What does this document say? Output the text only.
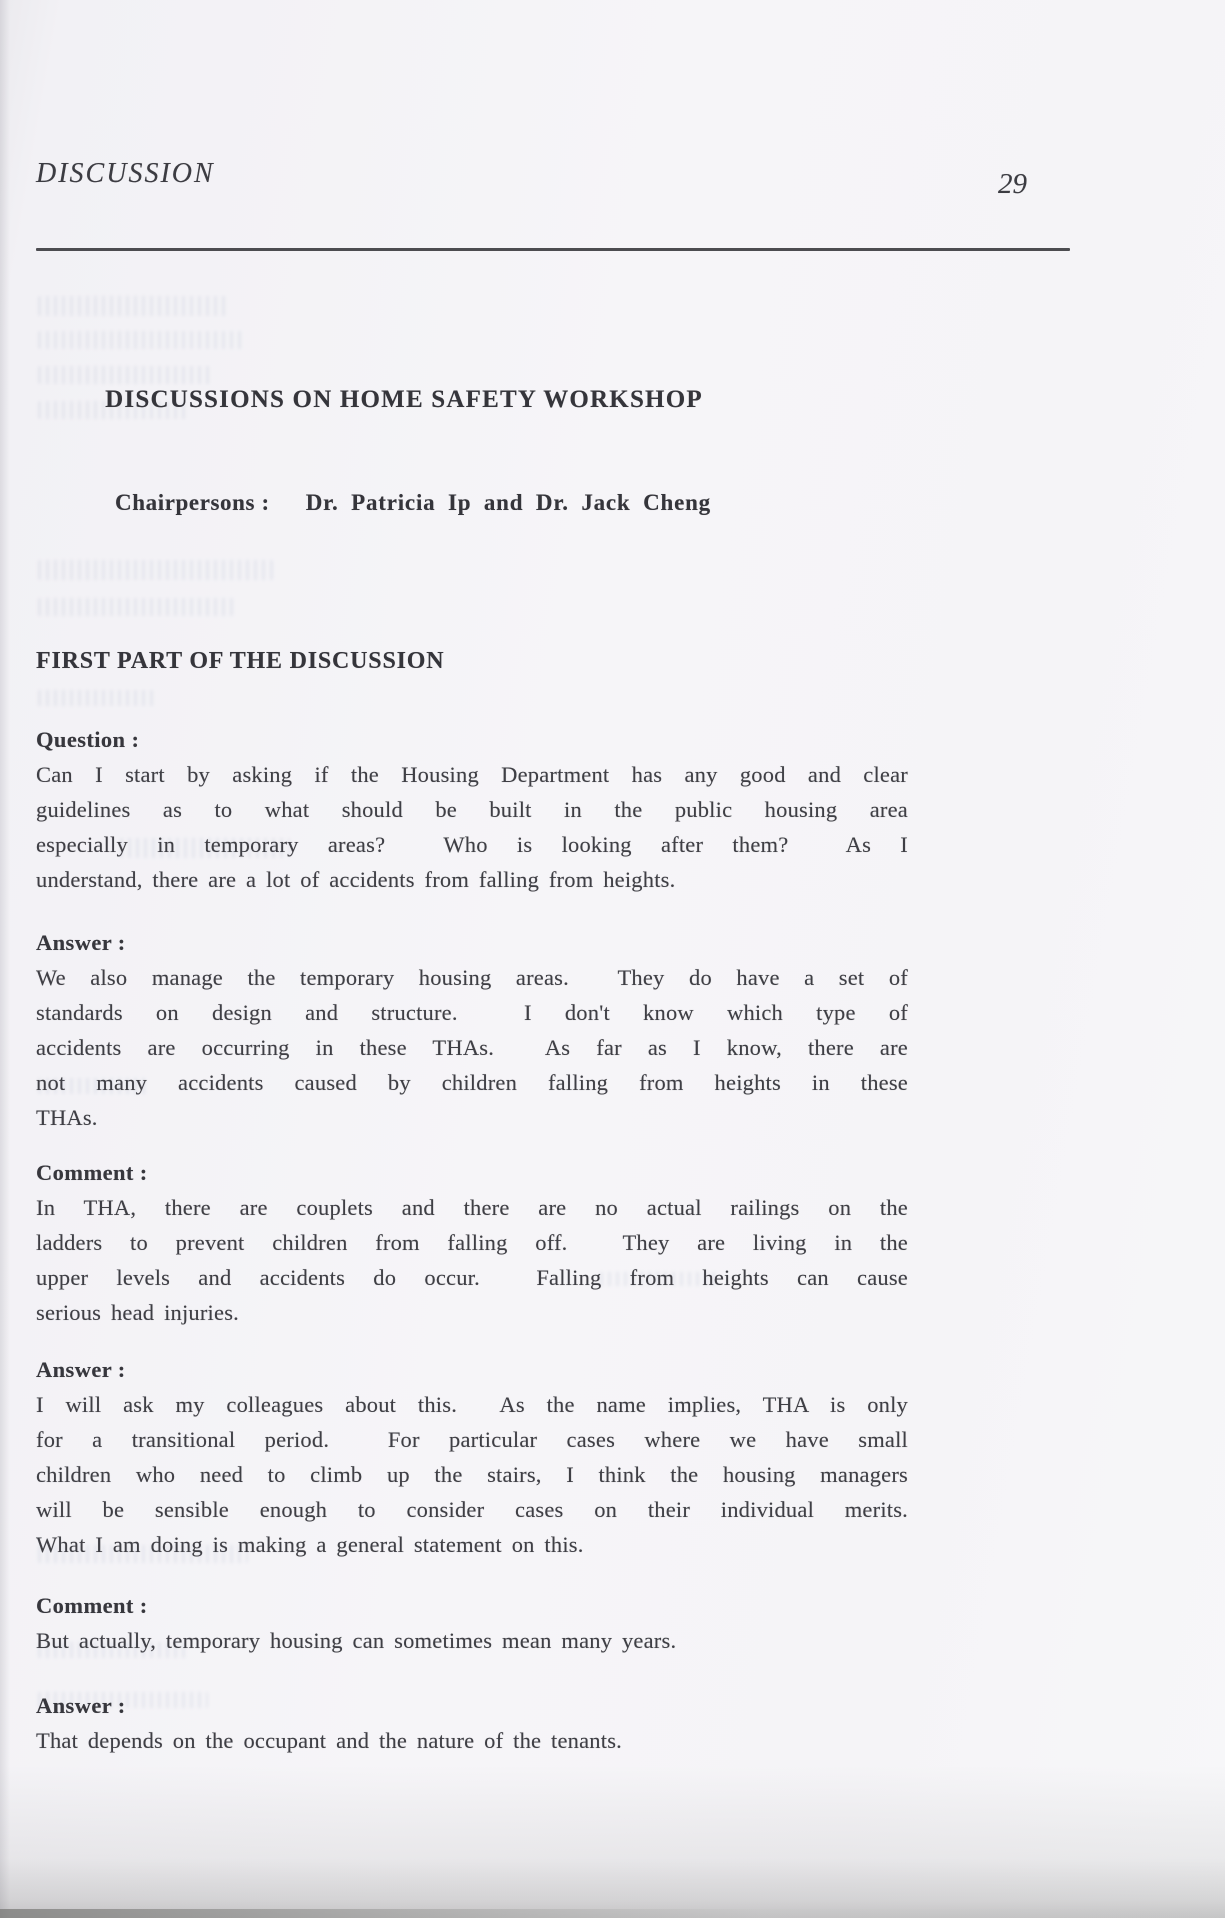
DISCUSSION	29
DISCUSSIONS ON HOME SAFETY WORKSHOP
Chairpersons : Dr. Patricia Ip and Dr. Jack Cheng
FIRST PART OF THE DISCUSSION
Question :
Can I start by asking if the Housing Department has any good and clear
guidelines as to what should be built in the public housing area
especially in temporary areas?  Who is looking after them?  As I
understand, there are a lot of accidents from falling from heights.
Answer :
We also manage the temporary housing areas.  They do have a set of
standards on design and structure.  I don't know which type of
accidents are occurring in these THAs.  As far as I know, there are
not many accidents caused by children falling from heights in these
THAs.
Comment :
In THA, there are couplets and there are no actual railings on the
ladders to prevent children from falling off.  They are living in the
upper levels and accidents do occur.  Falling from heights can cause
serious head injuries.
Answer :
I will ask my colleagues about this.  As the name implies, THA is only
for a transitional period.  For particular cases where we have small
children who need to climb up the stairs, I think the housing managers
will be sensible enough to consider cases on their individual merits.
What I am doing is making a general statement on this.
Comment :
But actually, temporary housing can sometimes mean many years.
Answer :
That depends on the occupant and the nature of the tenants.
